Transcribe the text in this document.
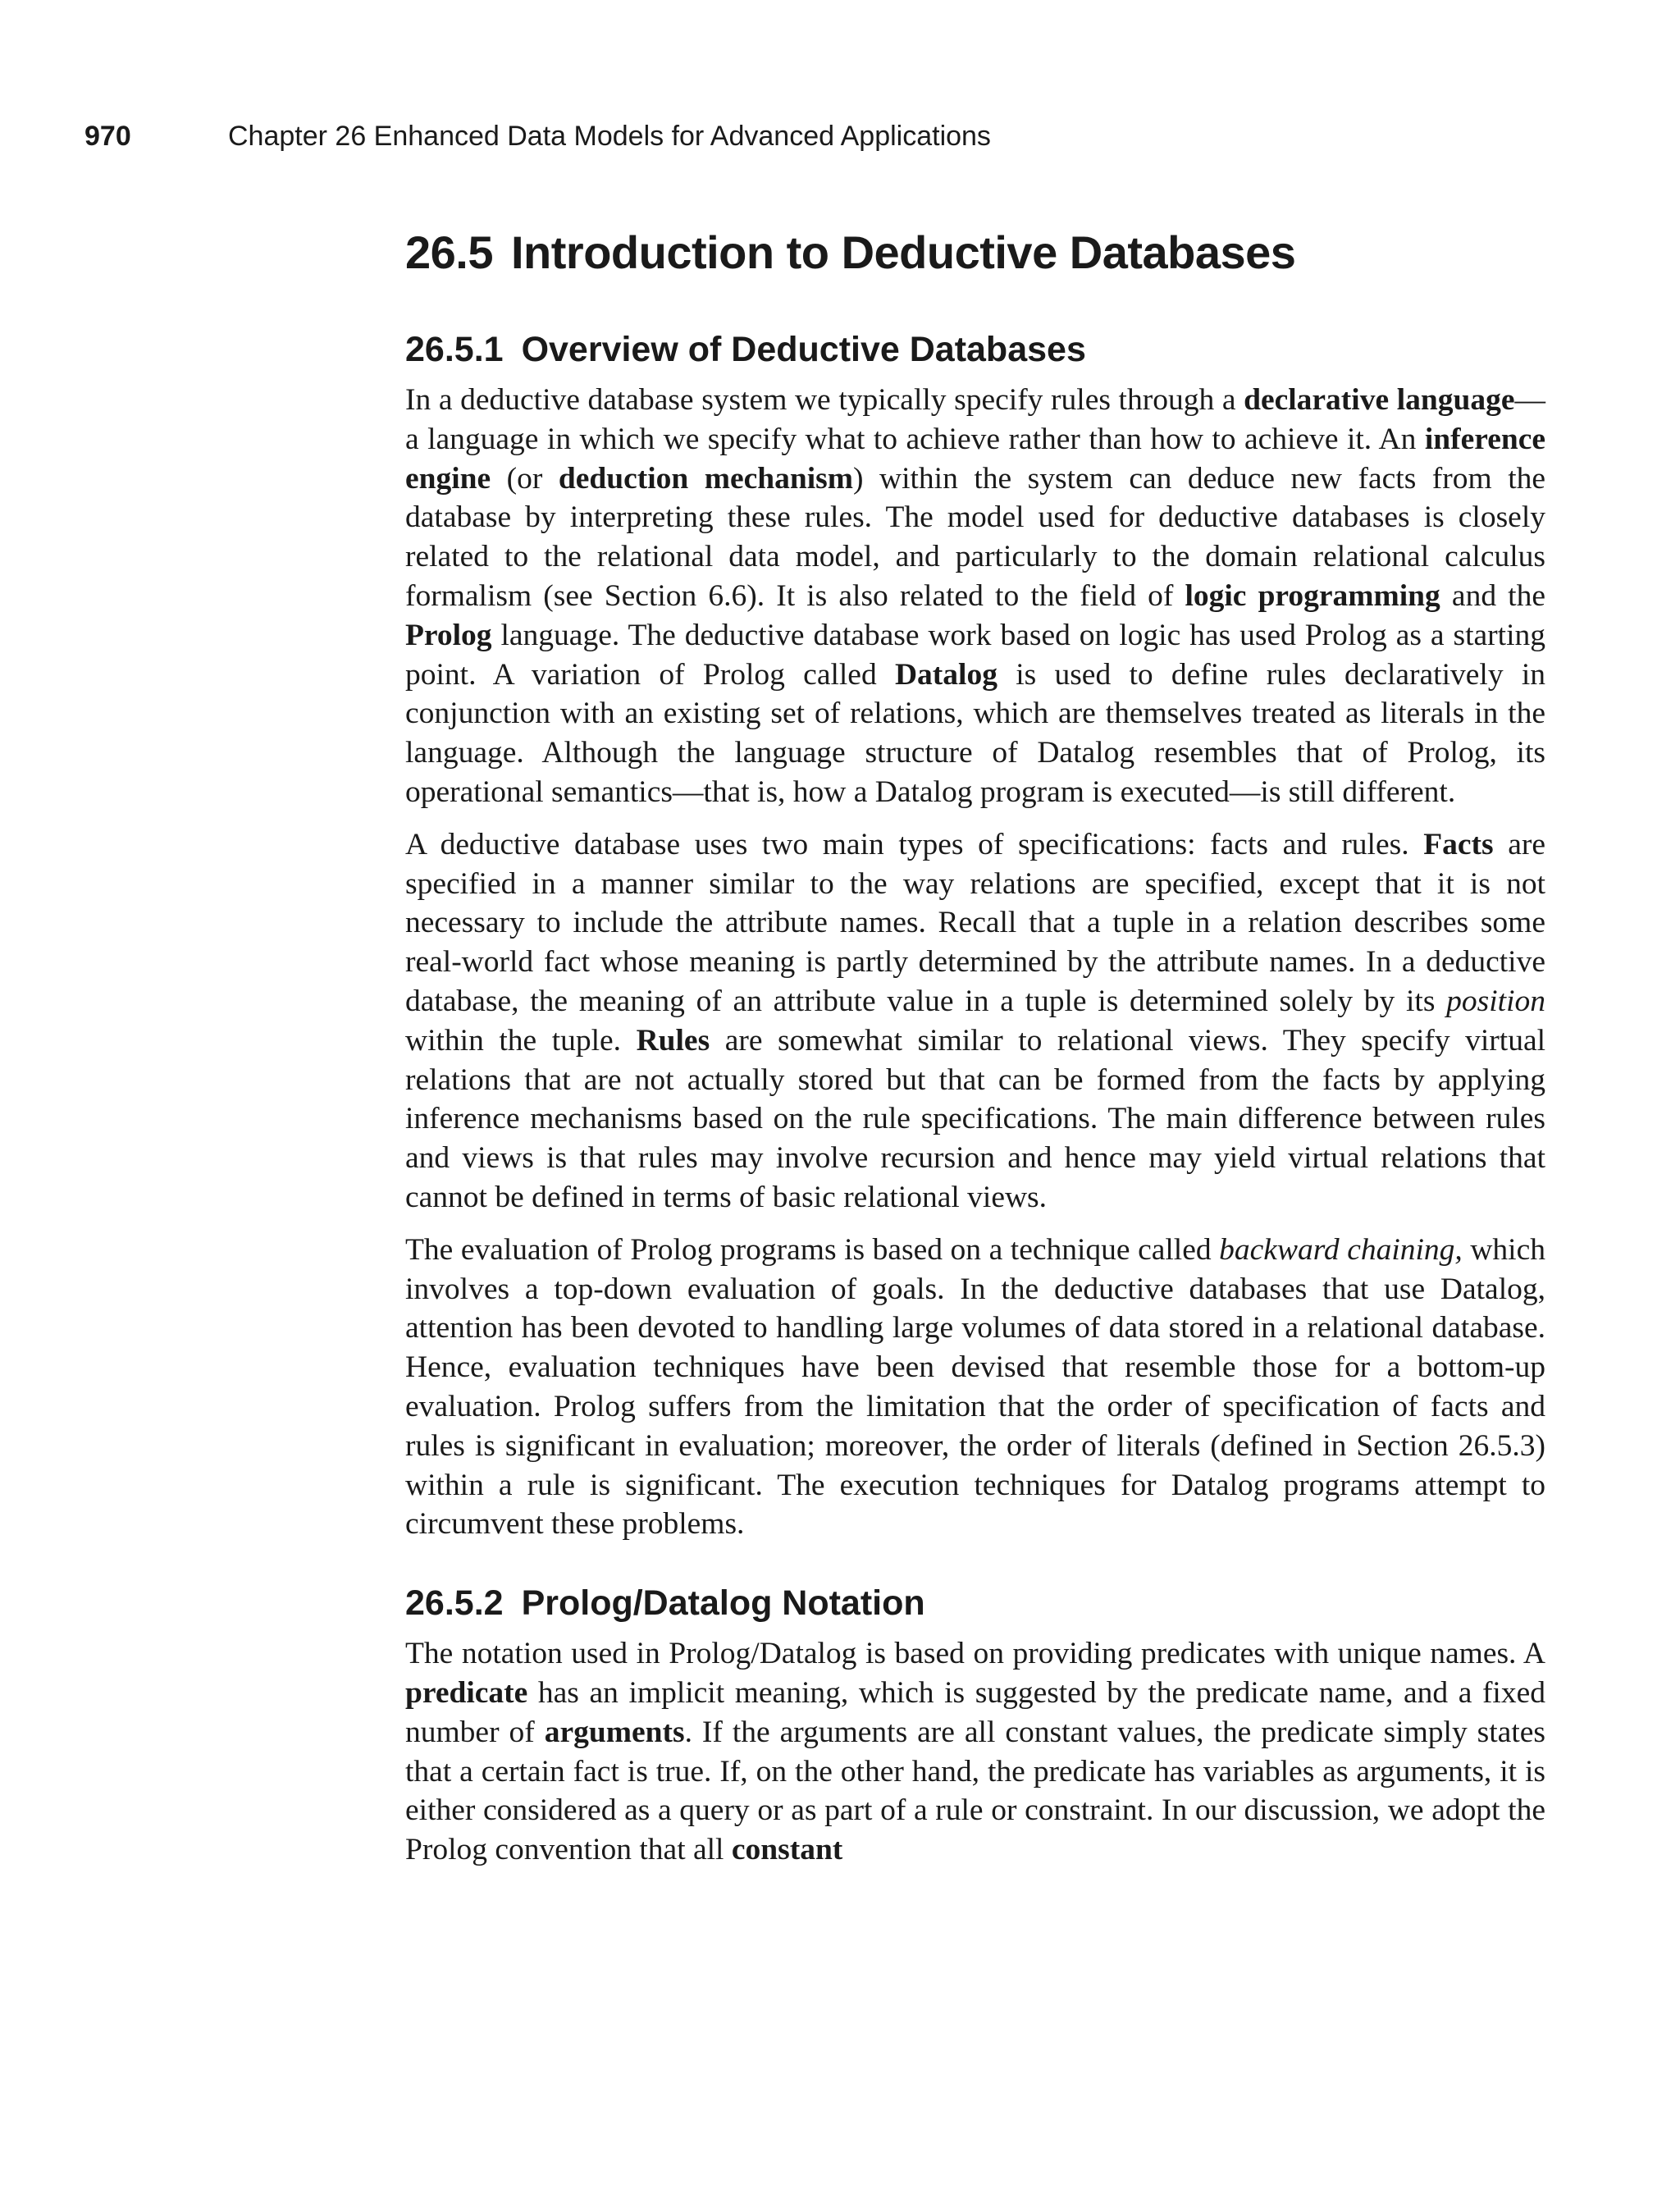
970	Chapter 26 Enhanced Data Models for Advanced Applications
26.5 Introduction to Deductive Databases
26.5.1 Overview of Deductive Databases

In a deductive database system we typically specify rules through a declarative language—a language in which we specify what to achieve rather than how to achieve it. An inference engine (or deduction mechanism) within the system can deduce new facts from the database by interpreting these rules. The model used for deductive databases is closely related to the relational data model, and particularly to the domain relational calculus formalism (see Section 6.6). It is also related to the field of logic programming and the Prolog language. The deductive database work based on logic has used Prolog as a starting point. A variation of Prolog called Datalog is used to define rules declaratively in conjunction with an existing set of relations, which are themselves treated as literals in the language. Although the language structure of Datalog resembles that of Prolog, its operational semantics—that is, how a Datalog program is executed—is still different.

A deductive database uses two main types of specifications: facts and rules. Facts are specified in a manner similar to the way relations are specified, except that it is not necessary to include the attribute names. Recall that a tuple in a relation describes some real-world fact whose meaning is partly determined by the attribute names. In a deductive database, the meaning of an attribute value in a tuple is determined solely by its position within the tuple. Rules are somewhat similar to relational views. They specify virtual relations that are not actually stored but that can be formed from the facts by applying inference mechanisms based on the rule specifications. The main difference between rules and views is that rules may involve recursion and hence may yield virtual relations that cannot be defined in terms of basic relational views.

The evaluation of Prolog programs is based on a technique called backward chaining, which involves a top-down evaluation of goals. In the deductive databases that use Datalog, attention has been devoted to handling large volumes of data stored in a relational database. Hence, evaluation techniques have been devised that resemble those for a bottom-up evaluation. Prolog suffers from the limitation that the order of specification of facts and rules is significant in evaluation; moreover, the order of literals (defined in Section 26.5.3) within a rule is significant. The execution techniques for Datalog programs attempt to circumvent these problems.

26.5.2 Prolog/Datalog Notation

The notation used in Prolog/Datalog is based on providing predicates with unique names. A predicate has an implicit meaning, which is suggested by the predicate name, and a fixed number of arguments. If the arguments are all constant values, the predicate simply states that a certain fact is true. If, on the other hand, the predicate has variables as arguments, it is either considered as a query or as part of a rule or constraint. In our discussion, we adopt the Prolog convention that all constant
